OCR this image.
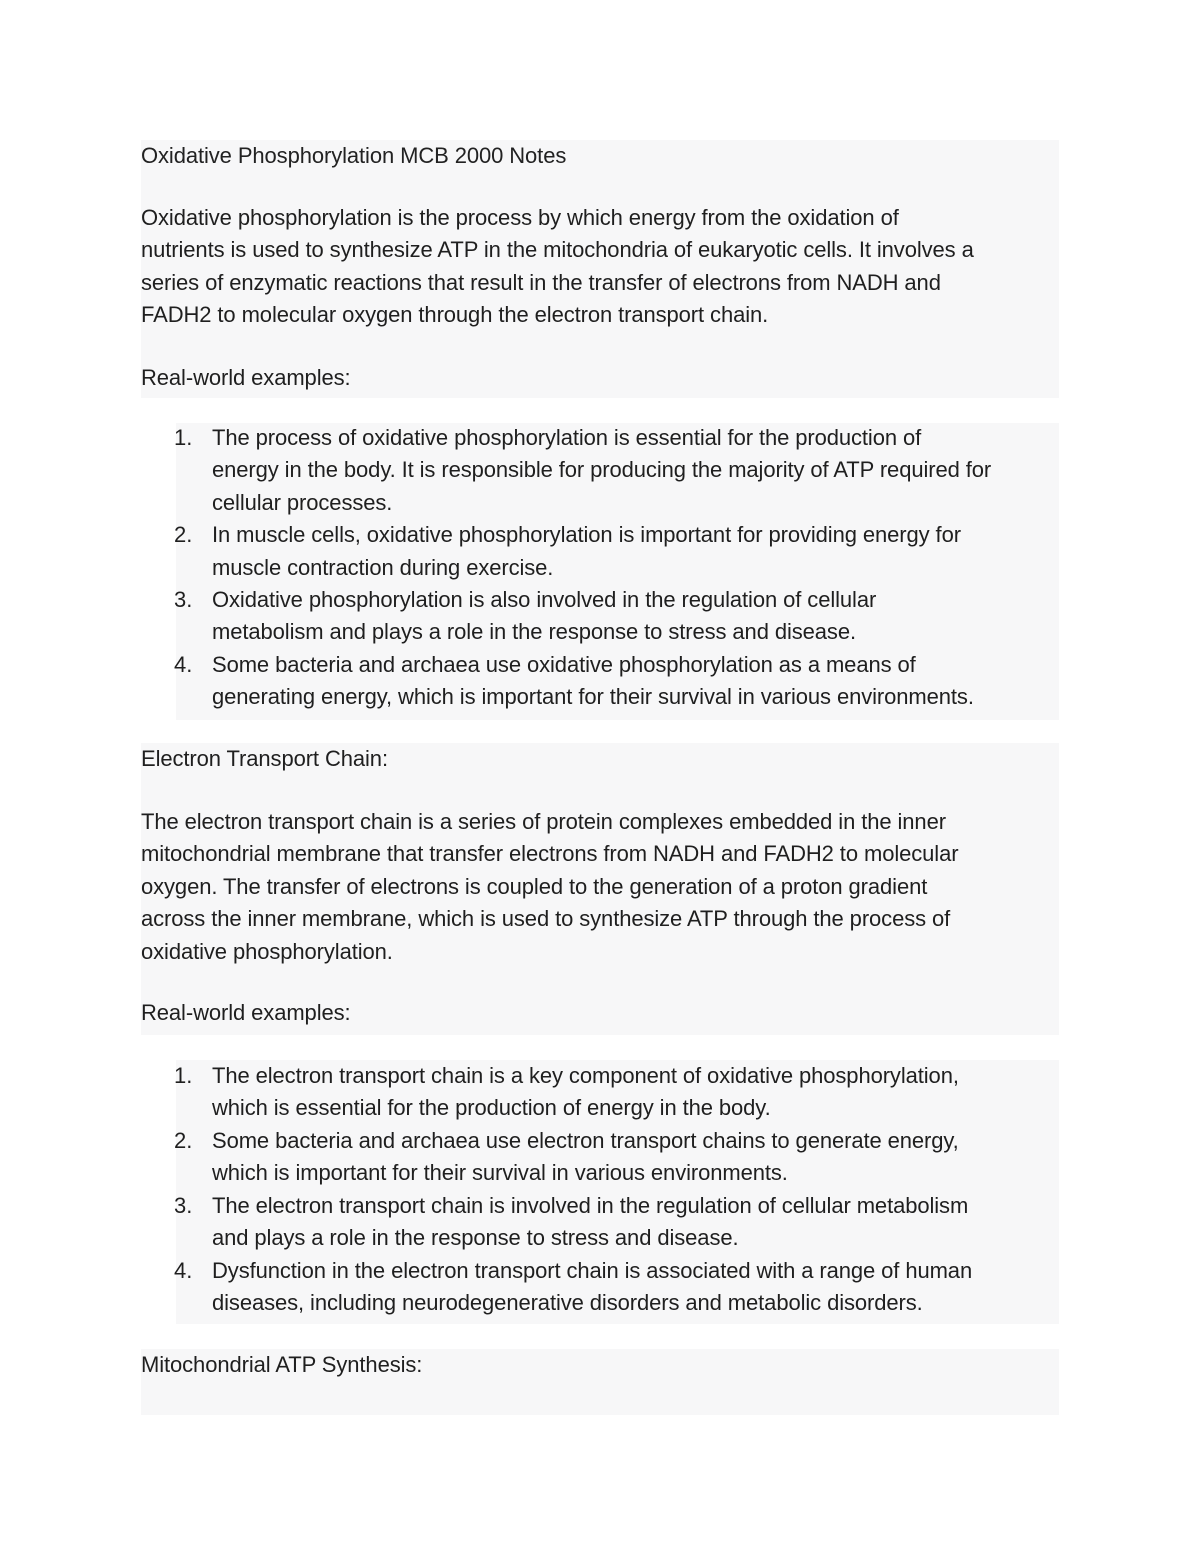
Oxidative Phosphorylation MCB 2000 Notes
Oxidative phosphorylation is the process by which energy from the oxidation of
nutrients is used to synthesize ATP in the mitochondria of eukaryotic cells. It involves a
series of enzymatic reactions that result in the transfer of electrons from NADH and
FADH2 to molecular oxygen through the electron transport chain.
Real-world examples:
1. The process of oxidative phosphorylation is essential for the production of
energy in the body. It is responsible for producing the majority of ATP required for
cellular processes.
2. In muscle cells, oxidative phosphorylation is important for providing energy for
muscle contraction during exercise.
3. Oxidative phosphorylation is also involved in the regulation of cellular
metabolism and plays a role in the response to stress and disease.
4. Some bacteria and archaea use oxidative phosphorylation as a means of
generating energy, which is important for their survival in various environments.
Electron Transport Chain:
The electron transport chain is a series of protein complexes embedded in the inner
mitochondrial membrane that transfer electrons from NADH and FADH2 to molecular
oxygen. The transfer of electrons is coupled to the generation of a proton gradient
across the inner membrane, which is used to synthesize ATP through the process of
oxidative phosphorylation.
Real-world examples:
1. The electron transport chain is a key component of oxidative phosphorylation,
which is essential for the production of energy in the body.
2. Some bacteria and archaea use electron transport chains to generate energy,
which is important for their survival in various environments.
3. The electron transport chain is involved in the regulation of cellular metabolism
and plays a role in the response to stress and disease.
4. Dysfunction in the electron transport chain is associated with a range of human
diseases, including neurodegenerative disorders and metabolic disorders.
Mitochondrial ATP Synthesis:
